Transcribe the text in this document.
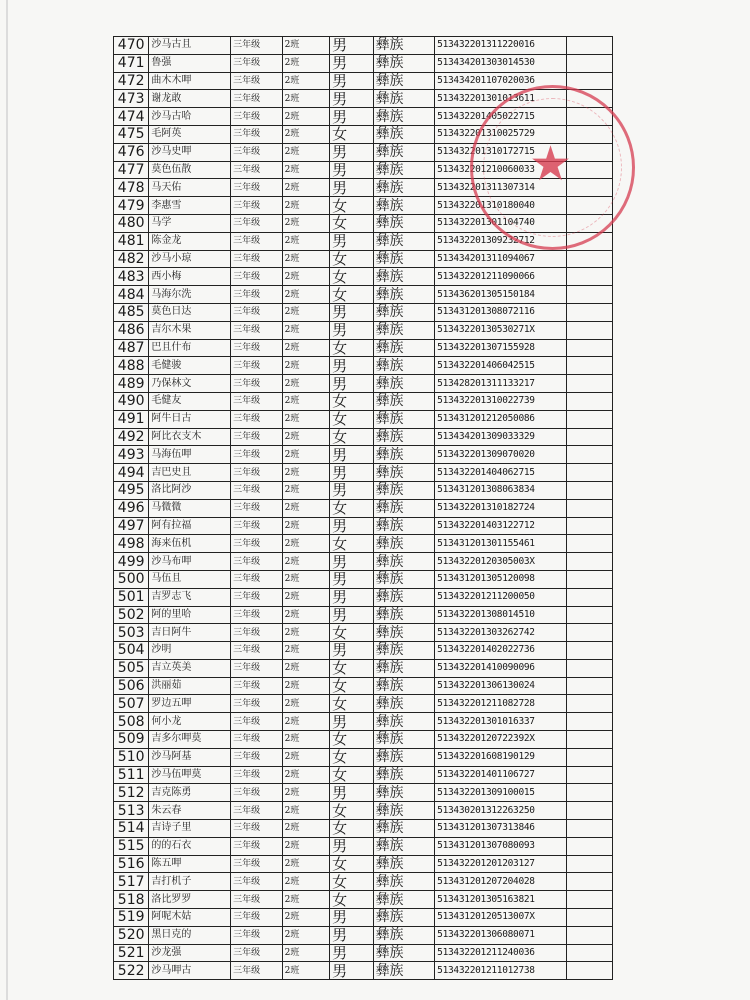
470	沙马古且	三年级	2班	男	彝族	513432201311220016	
471	鲁强	三年级	2班	男	彝族	513434201303014530	
472	曲木木呷	三年级	2班	男	彝族	513434201107020036	
473	谢龙敢	三年级	2班	男	彝族	513432201301013611	
474	沙马古哈	三年级	2班	男	彝族	513432201405022715	
475	毛阿英	三年级	2班	女	彝族	513432201310025729	
476	沙马史呷	三年级	2班	男	彝族	513432201310172715	
477	莫色伍散	三年级	2班	男	彝族	513432201210060033	
478	马天佑	三年级	2班	男	彝族	513432201311307314	
479	李惠雪	三年级	2班	女	彝族	513432201310180040	
480	马学	三年级	2班	女	彝族	513432201301104740	
481	陈金龙	三年级	2班	男	彝族	513432201309232712	
482	沙马小琼	三年级	2班	女	彝族	513434201311094067	
483	西小梅	三年级	2班	女	彝族	513432201211090066	
484	马海尔洗	三年级	2班	女	彝族	513436201305150184	
485	莫色日达	三年级	2班	男	彝族	513431201308072116	
486	吉尔木果	三年级	2班	男	彝族	51343220130530271X	
487	巴且什布	三年级	2班	女	彝族	513432201307155928	
488	毛健骏	三年级	2班	男	彝族	513432201406042515	
489	乃保林文	三年级	2班	男	彝族	513428201311133217	
490	毛健友	三年级	2班	女	彝族	513432201310022739	
491	阿牛日古	三年级	2班	女	彝族	513431201212050086	
492	阿比衣支木	三年级	2班	女	彝族	513434201309033329	
493	马海伍呷	三年级	2班	男	彝族	513432201309070020	
494	吉巴史且	三年级	2班	男	彝族	513432201404062715	
495	洛比阿沙	三年级	2班	男	彝族	513431201308063834	
496	马微微	三年级	2班	女	彝族	513432201310182724	
497	阿有拉福	三年级	2班	男	彝族	513432201403122712	
498	海来伍机	三年级	2班	女	彝族	513431201301155461	
499	沙马布呷	三年级	2班	男	彝族	51343220120305003X	
500	马伍且	三年级	2班	男	彝族	513431201305120098	
501	吉罗志飞	三年级	2班	男	彝族	513432201211200050	
502	阿的里哈	三年级	2班	男	彝族	513432201308014510	
503	吉日阿牛	三年级	2班	女	彝族	513432201303262742	
504	沙明	三年级	2班	男	彝族	513432201402022736	
505	吉立英美	三年级	2班	女	彝族	513432201410090096	
506	洪丽茹	三年级	2班	女	彝族	513432201306130024	
507	罗边五呷	三年级	2班	女	彝族	513432201211082728	
508	何小龙	三年级	2班	男	彝族	513432201301016337	
509	吉多尔呷莫	三年级	2班	女	彝族	51343220120722392X	
510	沙马阿基	三年级	2班	女	彝族	513432201608190129	
511	沙马伍呷莫	三年级	2班	女	彝族	513432201401106727	
512	吉克陈勇	三年级	2班	男	彝族	513432201309100015	
513	朱云春	三年级	2班	女	彝族	513430201312263250	
514	吉诗子里	三年级	2班	女	彝族	513431201307313846	
515	的的石衣	三年级	2班	男	彝族	513431201307080093	
516	陈五呷	三年级	2班	女	彝族	513432201201203127	
517	吉打机子	三年级	2班	女	彝族	513431201207204028	
518	洛比罗罗	三年级	2班	女	彝族	513431201305163821	
519	阿呢木姑	三年级	2班	男	彝族	51343120120513007X	
520	黑日克的	三年级	2班	男	彝族	513432201306080071	
521	沙龙强	三年级	2班	男	彝族	513432201211240036	
522	沙马呷古	三年级	2班	男	彝族	513432201211012738	
★
